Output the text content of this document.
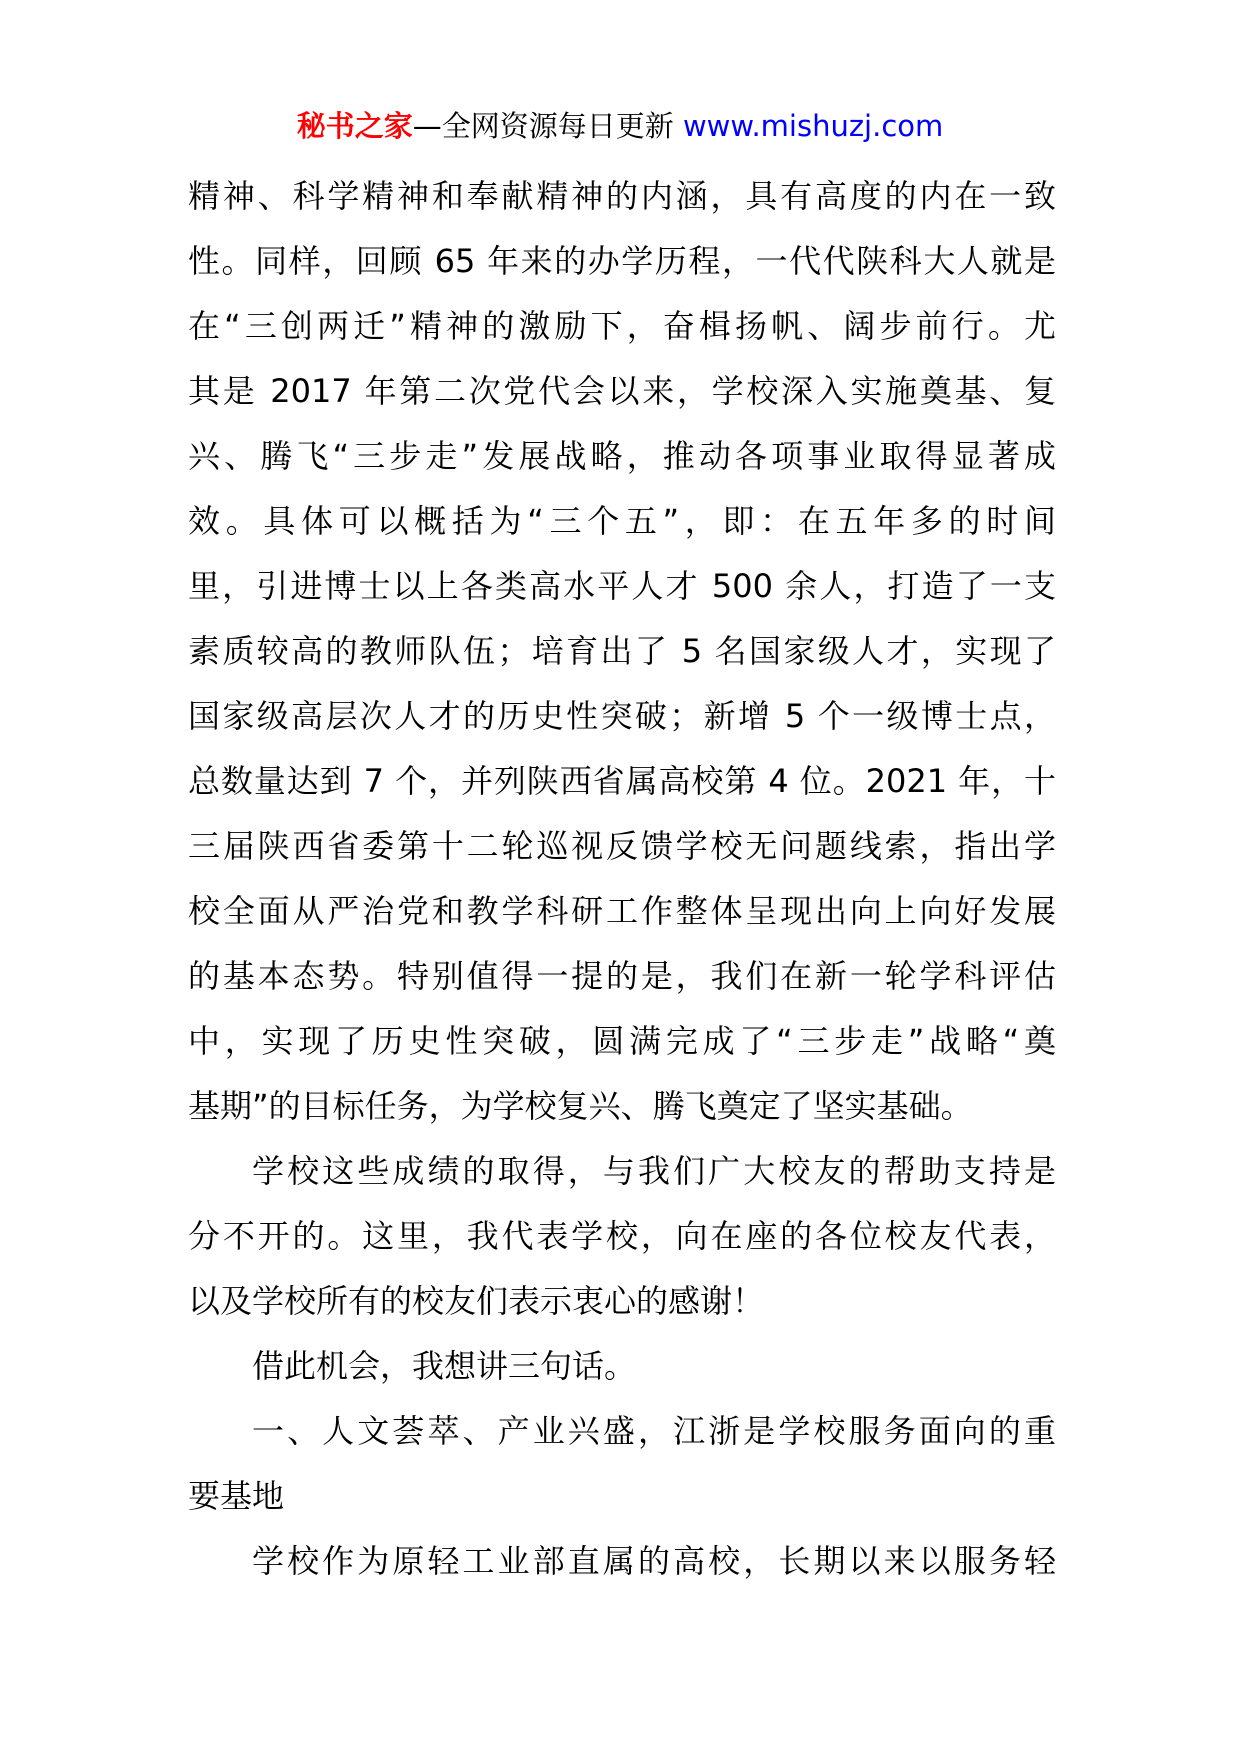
秘书之家—全网资源每日更新 www.mishuzj.com
精神、科学精神和奉献精神的内涵，具有高度的内在一致
性。同样，回顾 65 年来的办学历程，一代代陕科大人就是
在“三创两迁”精神的激励下，奋楫扬帆、阔步前行。尤
其是 2017 年第二次党代会以来，学校深入实施奠基、复
兴、腾飞“三步走”发展战略，推动各项事业取得显著成
效。具体可以概括为“三个五”，即：在五年多的时间
里，引进博士以上各类高水平人才 500 余人，打造了一支
素质较高的教师队伍；培育出了 5 名国家级人才，实现了
国家级高层次人才的历史性突破；新增 5 个一级博士点，
总数量达到 7 个，并列陕西省属高校第 4 位。2021 年，十
三届陕西省委第十二轮巡视反馈学校无问题线索，指出学
校全面从严治党和教学科研工作整体呈现出向上向好发展
的基本态势。特别值得一提的是，我们在新一轮学科评估
中，实现了历史性突破，圆满完成了“三步走”战略“奠
基期”的目标任务，为学校复兴、腾飞奠定了坚实基础。
学校这些成绩的取得，与我们广大校友的帮助支持是
分不开的。这里，我代表学校，向在座的各位校友代表，
以及学校所有的校友们表示衷心的感谢！
借此机会，我想讲三句话。
一、人文荟萃、产业兴盛，江浙是学校服务面向的重
要基地
学校作为原轻工业部直属的高校，长期以来以服务轻
